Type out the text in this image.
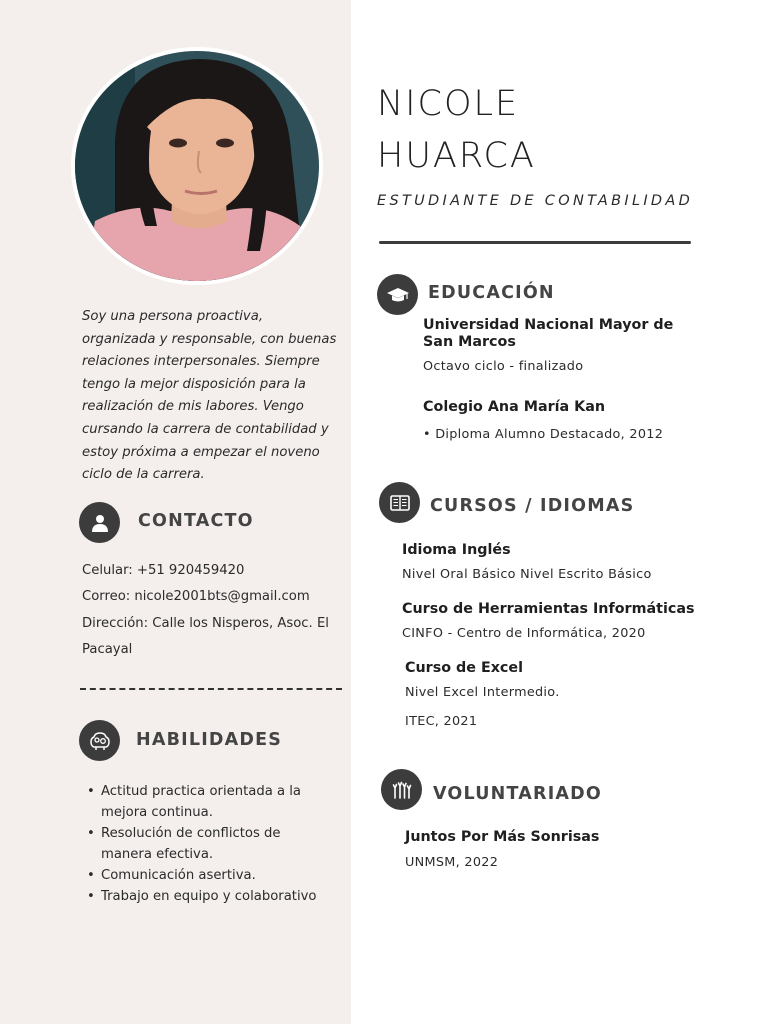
Soy una persona proactiva,
organizada y responsable, con buenas
relaciones interpersonales. Siempre
tengo la mejor disposición para la
realización de mis labores. Vengo
cursando la carrera de contabilidad y
estoy próxima a empezar el noveno
ciclo de la carrera.
CONTACTO
Celular: +51 920459420
Correo: nicole2001bts@gmail.com
Dirección: Calle los Nisperos, Asoc. El
Pacayal
HABILIDADES
• Actitud practica orientada a la
mejora continua.
• Resolución de conflictos de
manera efectiva.
• Comunicación asertiva.
• Trabajo en equipo y colaborativo
NICOLE
HUARCA
ESTUDIANTE DE CONTABILIDAD
EDUCACIÓN
Universidad Nacional Mayor de
San Marcos
Octavo ciclo - finalizado
Colegio Ana María Kan
• Diploma Alumno Destacado, 2012
CURSOS / IDIOMAS
Idioma Inglés
Nivel Oral Básico Nivel Escrito Básico
Curso de Herramientas Informáticas
CINFO - Centro de Informática, 2020
Curso de Excel
Nivel Excel Intermedio.
ITEC, 2021
VOLUNTARIADO
Juntos Por Más Sonrisas
UNMSM, 2022
